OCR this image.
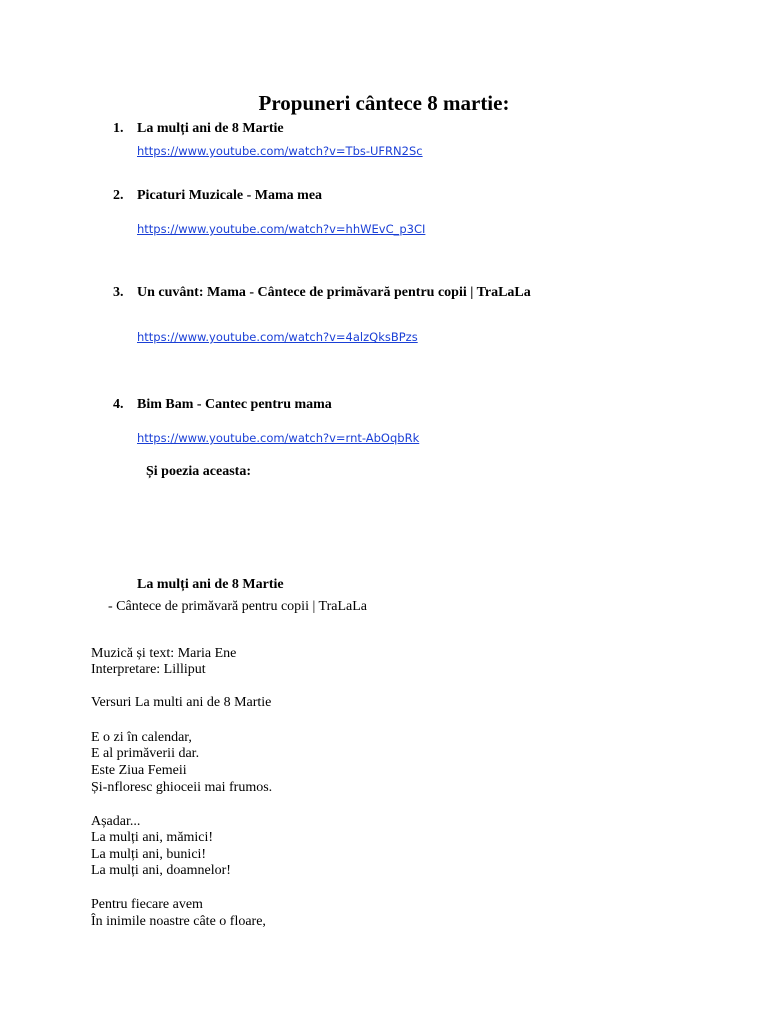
Propuneri cântece 8 martie:
1. La mulți ani de 8 Martie
https://www.youtube.com/watch?v=Tbs-UFRN2Sc
2. Picaturi Muzicale - Mama mea
https://www.youtube.com/watch?v=hhWEvC_p3CI
3. Un cuvânt: Mama - Cântece de primăvară pentru copii | TraLaLa
https://www.youtube.com/watch?v=4alzQksBPzs
4. Bim Bam - Cantec pentru mama
https://www.youtube.com/watch?v=rnt-AbOqbRk
Și poezia aceasta:
La mulți ani de 8 Martie
- Cântece de primăvară pentru copii | TraLaLa
Muzică și text: Maria Ene
Interpretare: Lilliput
Versuri La multi ani de 8 Martie
E o zi în calendar,
E al primăverii dar.
Este Ziua Femeii
Și-nfloresc ghioceii mai frumos.
Așadar...
La mulți ani, mămici!
La mulți ani, bunici!
La mulți ani, doamnelor!
Pentru fiecare avem
În inimile noastre câte o floare,
